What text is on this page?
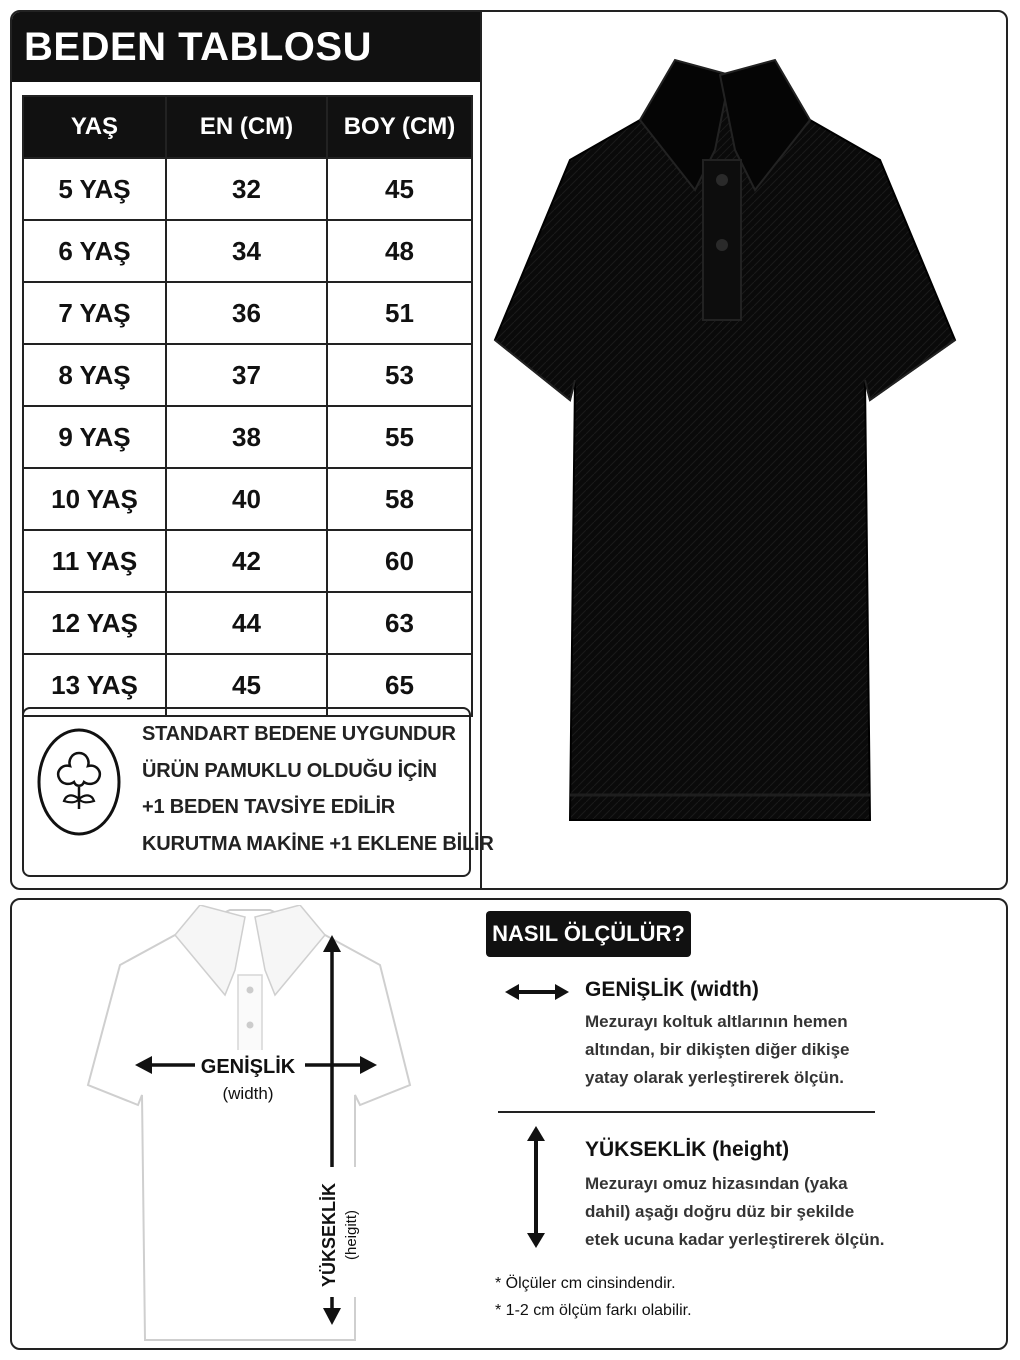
BEDEN TABLOSU
YAŞ	EN (CM)	BOY (CM)
5 YAŞ	32	45
6 YAŞ	34	48
7 YAŞ	36	51
8 YAŞ	37	53
9 YAŞ	38	55
10 YAŞ	40	58
11 YAŞ	42	60
12 YAŞ	44	63
13 YAŞ	45	65
STANDART BEDENE UYGUNDUR
ÜRÜN PAMUKLU OLDUĞU İÇİN
+1 BEDEN TAVSİYE EDİLİR
KURUTMA MAKİNE +1 EKLENE BİLİR
GENİŞLİK
(width)
YÜKSEKLİK (heigitt)
NASIL ÖLÇÜLÜR?
GENİŞLİK (width)
Mezurayı koltuk altlarının hemen
altından, bir dikişten diğer dikişe
yatay olarak yerleştirerek ölçün.
YÜKSEKLİK (height)
Mezurayı omuz hizasından (yaka
dahil) aşağı doğru düz bir şekilde
etek ucuna kadar yerleştirerek ölçün.
* Ölçüler cm cinsindendir.
* 1-2 cm ölçüm farkı olabilir.
